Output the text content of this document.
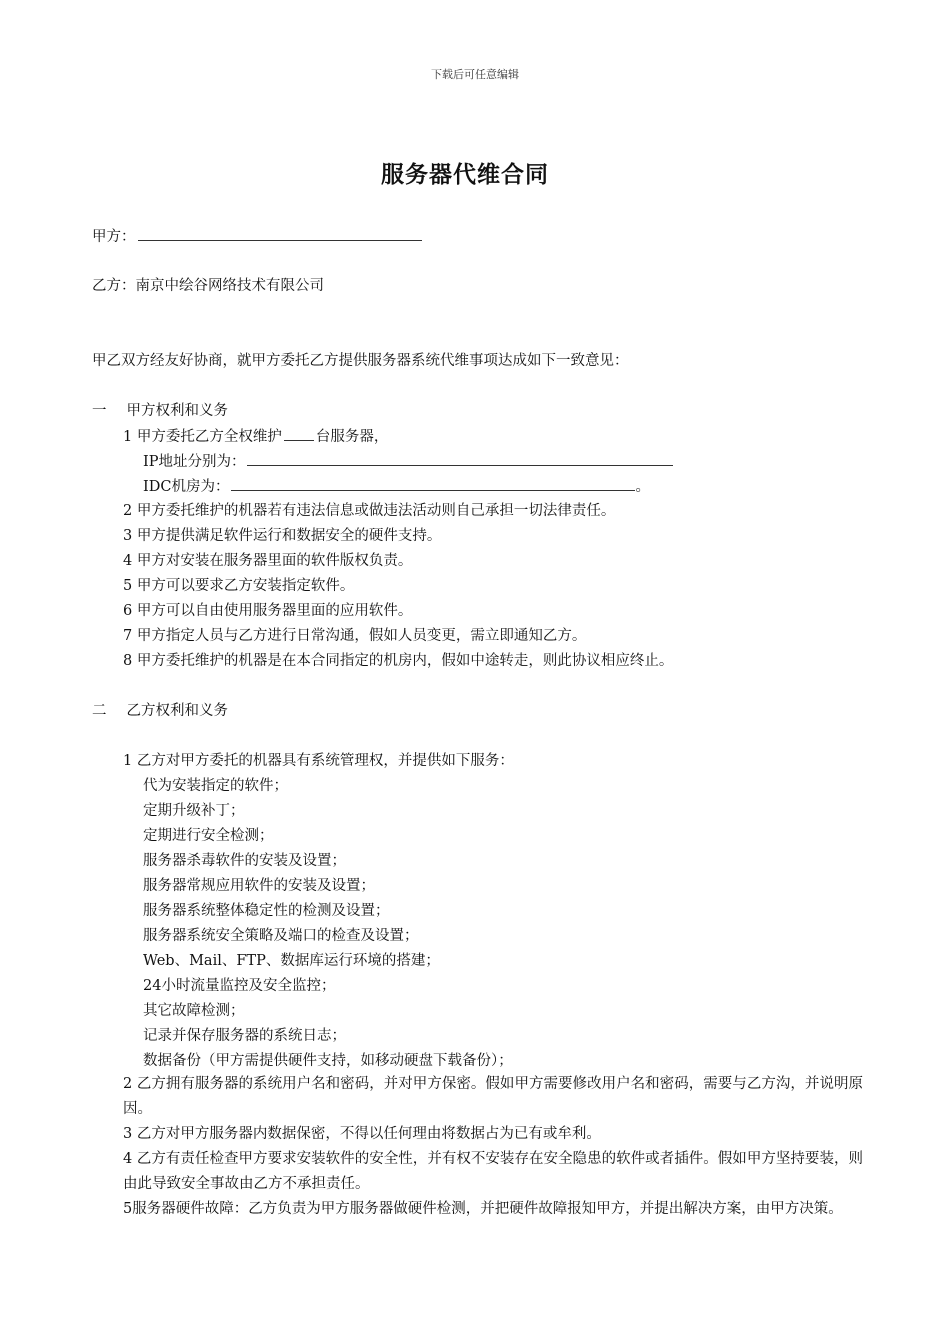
下载后可任意编辑
服务器代维合同
甲方：
乙方：南京中绘谷网络技术有限公司
甲乙双方经友好协商，就甲方委托乙方提供服务器系统代维事项达成如下一致意见：
一 甲方权利和义务
1 甲方委托乙方全权维护 台服务器，
IP地址分别为：
IDC机房为：	。
2 甲方委托维护的机器若有违法信息或做违法活动则自己承担一切法律责任。
3 甲方提供满足软件运行和数据安全的硬件支持。
4 甲方对安装在服务器里面的软件版权负责。
5 甲方可以要求乙方安装指定软件。
6 甲方可以自由使用服务器里面的应用软件。
7 甲方指定人员与乙方进行日常沟通，假如人员变更，需立即通知乙方。
8 甲方委托维护的机器是在本合同指定的机房内，假如中途转走，则此协议相应终止。
二 乙方权利和义务
1 乙方对甲方委托的机器具有系统管理权，并提供如下服务：
代为安装指定的软件；
定期升级补丁；
定期进行安全检测；
服务器杀毒软件的安装及设置；
服务器常规应用软件的安装及设置；
服务器系统整体稳定性的检测及设置；
服务器系统安全策略及端口的检查及设置；
Web、Mail、FTP、数据库运行环境的搭建；
24小时流量监控及安全监控；
其它故障检测；
记录并保存服务器的系统日志；
数据备份（甲方需提供硬件支持，如移动硬盘下载备份）；
2 乙方拥有服务器的系统用户名和密码，并对甲方保密。假如甲方需要修改用户名和密码，需要与乙方沟，并说明原因。
3 乙方对甲方服务器内数据保密，不得以任何理由将数据占为已有或牟利。
4 乙方有责任检查甲方要求安装软件的安全性，并有权不安装存在安全隐患的软件或者插件。假如甲方坚持要装，则由此导致安全事故由乙方不承担责任。
5服务器硬件故障：乙方负责为甲方服务器做硬件检测，并把硬件故障报知甲方，并提出解决方案，由甲方决策。
